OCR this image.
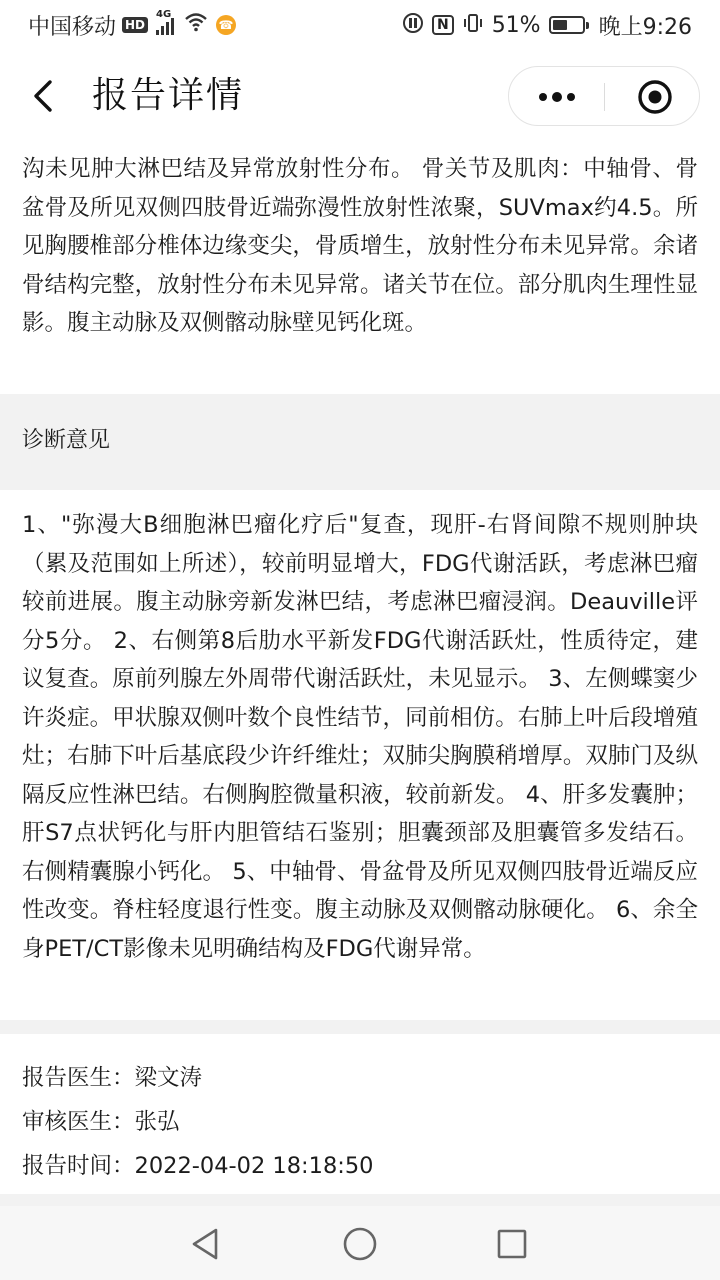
中国移动 HD
4G
☎	N 51%	晚上9:26
报告详情

沟未见肿大淋巴结及异常放射性分布。 骨关节及肌肉：中轴骨、骨盆骨及所见双侧四肢骨近端弥漫性放射性浓聚，SUVmax约4.5。所见胸腰椎部分椎体边缘变尖，骨质增生，放射性分布未见异常。余诸骨结构完整，放射性分布未见异常。诸关节在位。部分肌肉生理性显影。腹主动脉及双侧髂动脉壁见钙化斑。

诊断意见

1、"弥漫大B细胞淋巴瘤化疗后"复查，现肝-右肾间隙不规则肿块（累及范围如上所述），较前明显增大，FDG代谢活跃，考虑淋巴瘤较前进展。腹主动脉旁新发淋巴结，考虑淋巴瘤浸润。Deauville评分5分。 2、右侧第8后肋水平新发FDG代谢活跃灶，性质待定，建议复查。原前列腺左外周带代谢活跃灶，未见显示。 3、左侧蝶窦少许炎症。甲状腺双侧叶数个良性结节，同前相仿。右肺上叶后段增殖灶；右肺下叶后基底段少许纤维灶；双肺尖胸膜稍增厚。双肺门及纵隔反应性淋巴结。右侧胸腔微量积液，较前新发。 4、肝多发囊肿；肝S7点状钙化与肝内胆管结石鉴别；胆囊颈部及胆囊管多发结石。右侧精囊腺小钙化。 5、中轴骨、骨盆骨及所见双侧四肢骨近端反应性改变。脊柱轻度退行性变。腹主动脉及双侧髂动脉硬化。 6、余全身PET/CT影像未见明确结构及FDG代谢异常。

报告医生：梁文涛
审核医生：张弘
报告时间：2022-04-02 18:18:50
